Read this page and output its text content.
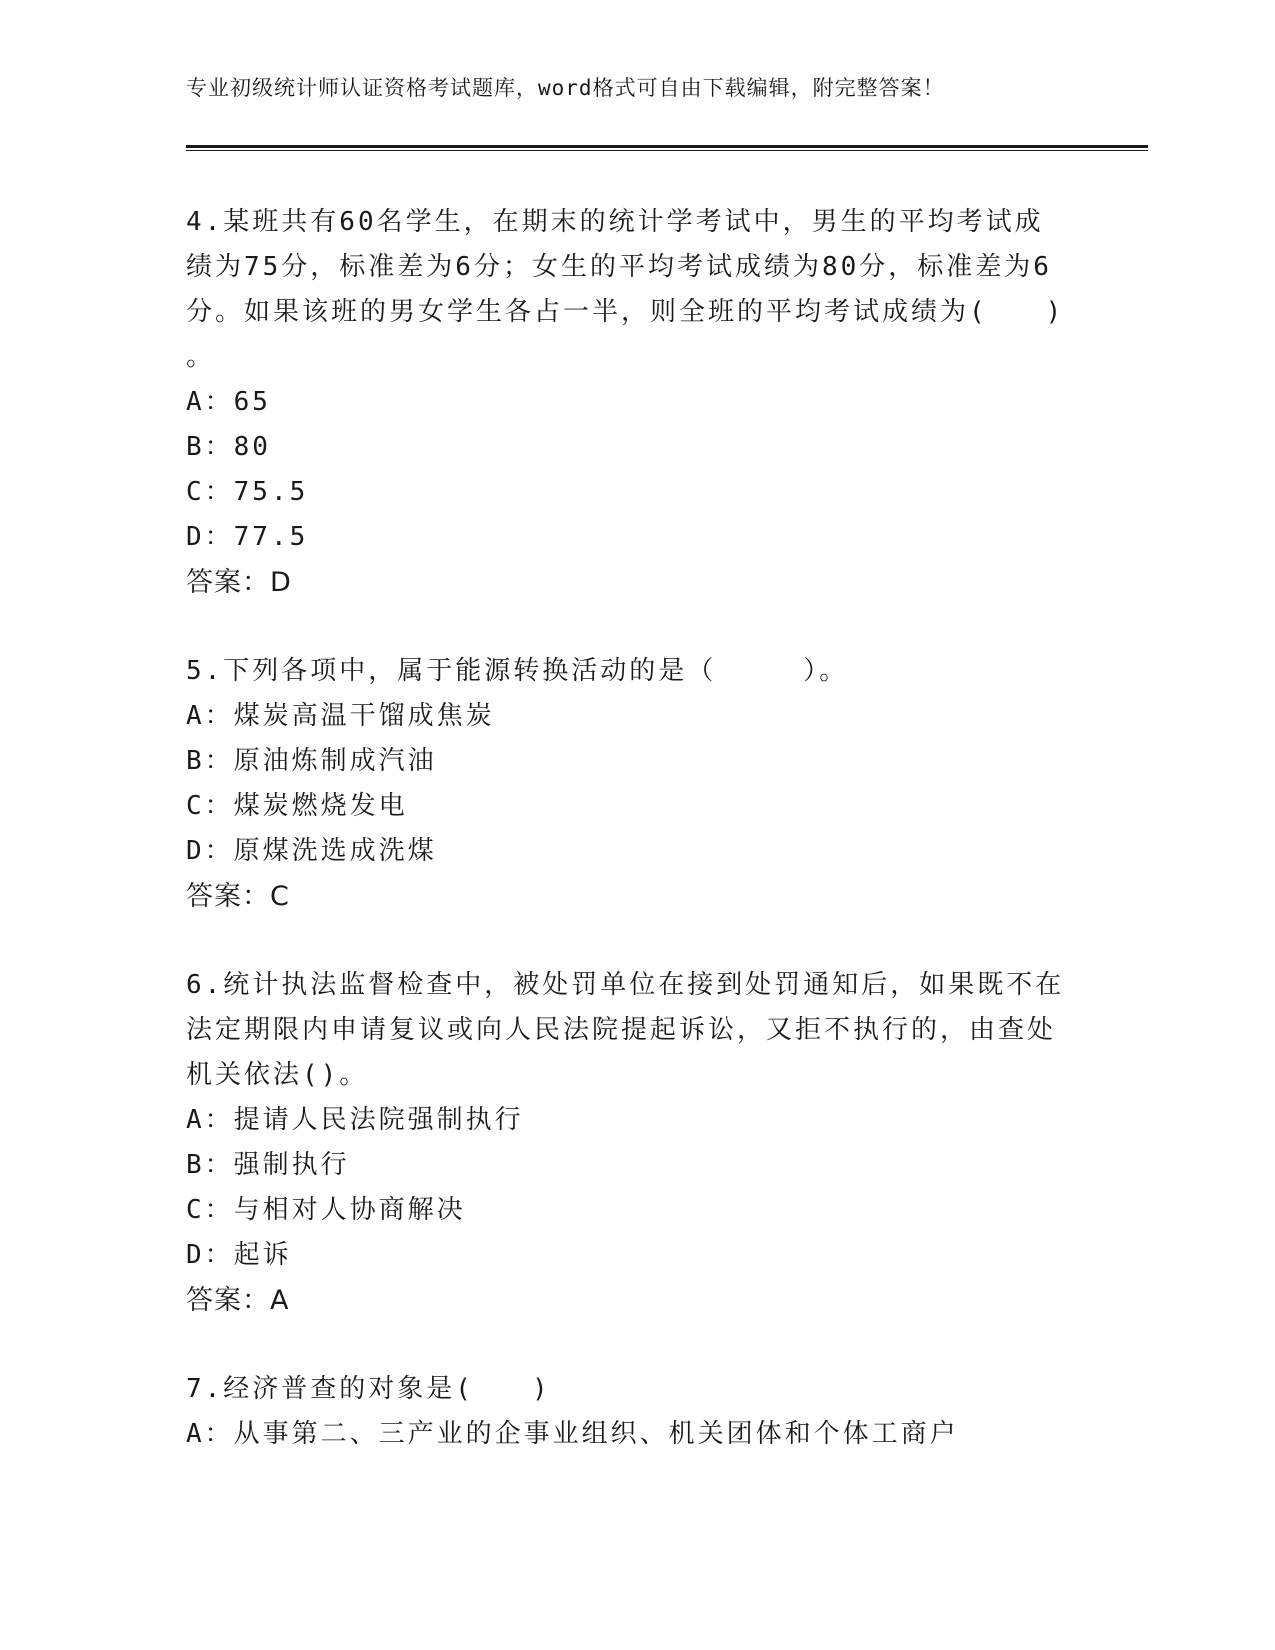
专业初级统计师认证资格考试题库，word格式可自由下载编辑，附完整答案！

4.某班共有60名学生，在期末的统计学考试中，男生的平均考试成绩为75分，标准差为6分；女生的平均考试成绩为80分，标准差为6分。如果该班的男女学生各占一半，则全班的平均考试成绩为(　　)
。

A：65

B：80

C：75.5

D：77.5

答案：D

5.下列各项中，属于能源转换活动的是（　　　）。

A：煤炭高温干馏成焦炭

B：原油炼制成汽油

C：煤炭燃烧发电

D：原煤洗选成洗煤

答案：C

6.统计执法监督检查中，被处罚单位在接到处罚通知后，如果既不在法定期限内申请复议或向人民法院提起诉讼，又拒不执行的，由查处机关依法()。

A：提请人民法院强制执行

B：强制执行

C：与相对人协商解决

D：起诉

答案：A

7.经济普查的对象是(　　)

A：从事第二、三产业的企事业组织、机关团体和个体工商户
